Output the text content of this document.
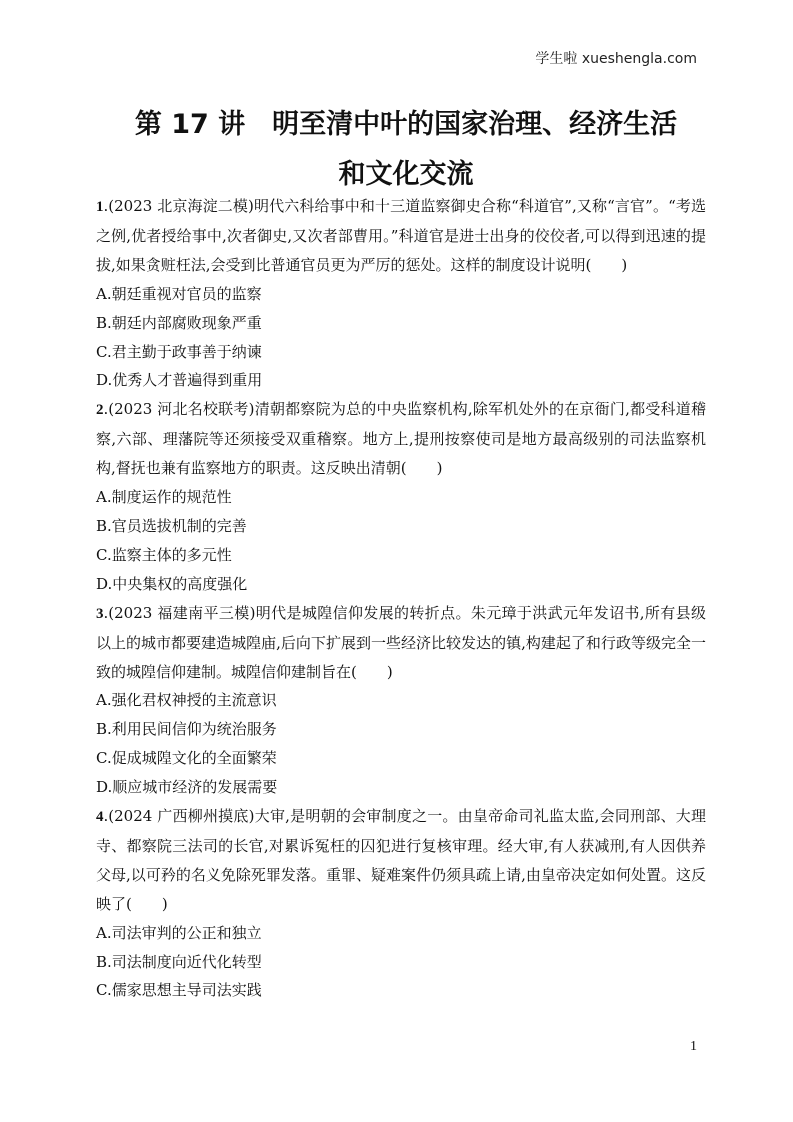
学生啦 xueshengla.com
第 17 讲　明至清中叶的国家治理、经济生活
和文化交流

1.(2023 北京海淀二模)明代六科给事中和十三道监察御史合称“科道官”,又称“言官”。“考选之例,优者授给事中,次者御史,又次者部曹用。”科道官是进士出身的佼佼者,可以得到迅速的提拔,如果贪赃枉法,会受到比普通官员更为严厉的惩处。这样的制度设计说明(　　)

A.朝廷重视对官员的监察

B.朝廷内部腐败现象严重

C.君主勤于政事善于纳谏

D.优秀人才普遍得到重用

2.(2023 河北名校联考)清朝都察院为总的中央监察机构,除军机处外的在京衙门,都受科道稽察,六部、理藩院等还须接受双重稽察。地方上,提刑按察使司是地方最高级别的司法监察机构,督抚也兼有监察地方的职责。这反映出清朝(　　)

A.制度运作的规范性

B.官员选拔机制的完善

C.监察主体的多元性

D.中央集权的高度强化

3.(2023 福建南平三模)明代是城隍信仰发展的转折点。朱元璋于洪武元年发诏书,所有县级以上的城市都要建造城隍庙,后向下扩展到一些经济比较发达的镇,构建起了和行政等级完全一致的城隍信仰建制。城隍信仰建制旨在(　　)

A.强化君权神授的主流意识

B.利用民间信仰为统治服务

C.促成城隍文化的全面繁荣

D.顺应城市经济的发展需要

4.(2024 广西柳州摸底)大审,是明朝的会审制度之一。由皇帝命司礼监太监,会同刑部、大理寺、都察院三法司的长官,对累诉冤枉的囚犯进行复核审理。经大审,有人获减刑,有人因供养父母,以可矜的名义免除死罪发落。重罪、疑难案件仍须具疏上请,由皇帝决定如何处置。这反映了(　　)

A.司法审判的公正和独立

B.司法制度向近代化转型

C.儒家思想主导司法实践

1
